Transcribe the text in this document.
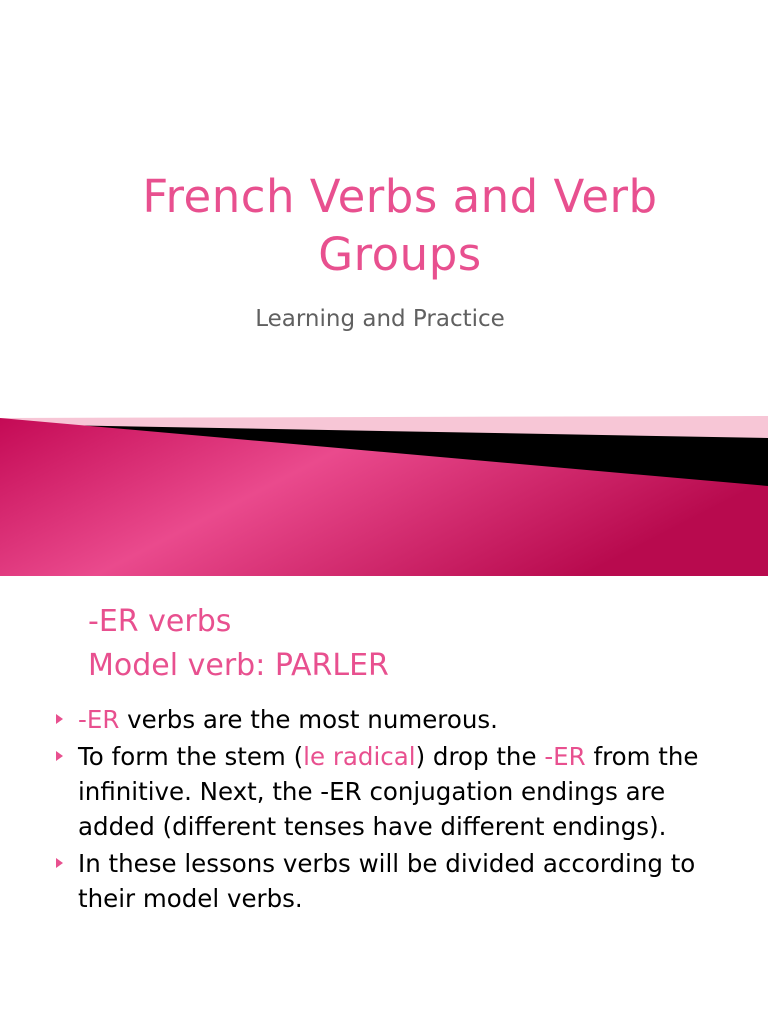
French Verbs and Verb Groups

Learning and Practice

-ER verbs
Model verb: PARLER
-ER verbs are the most numerous.
To form the stem (le radical) drop the -ER from the infinitive. Next, the -ER conjugation endings are added (different tenses have different endings).
In these lessons verbs will be divided according to their model verbs.
